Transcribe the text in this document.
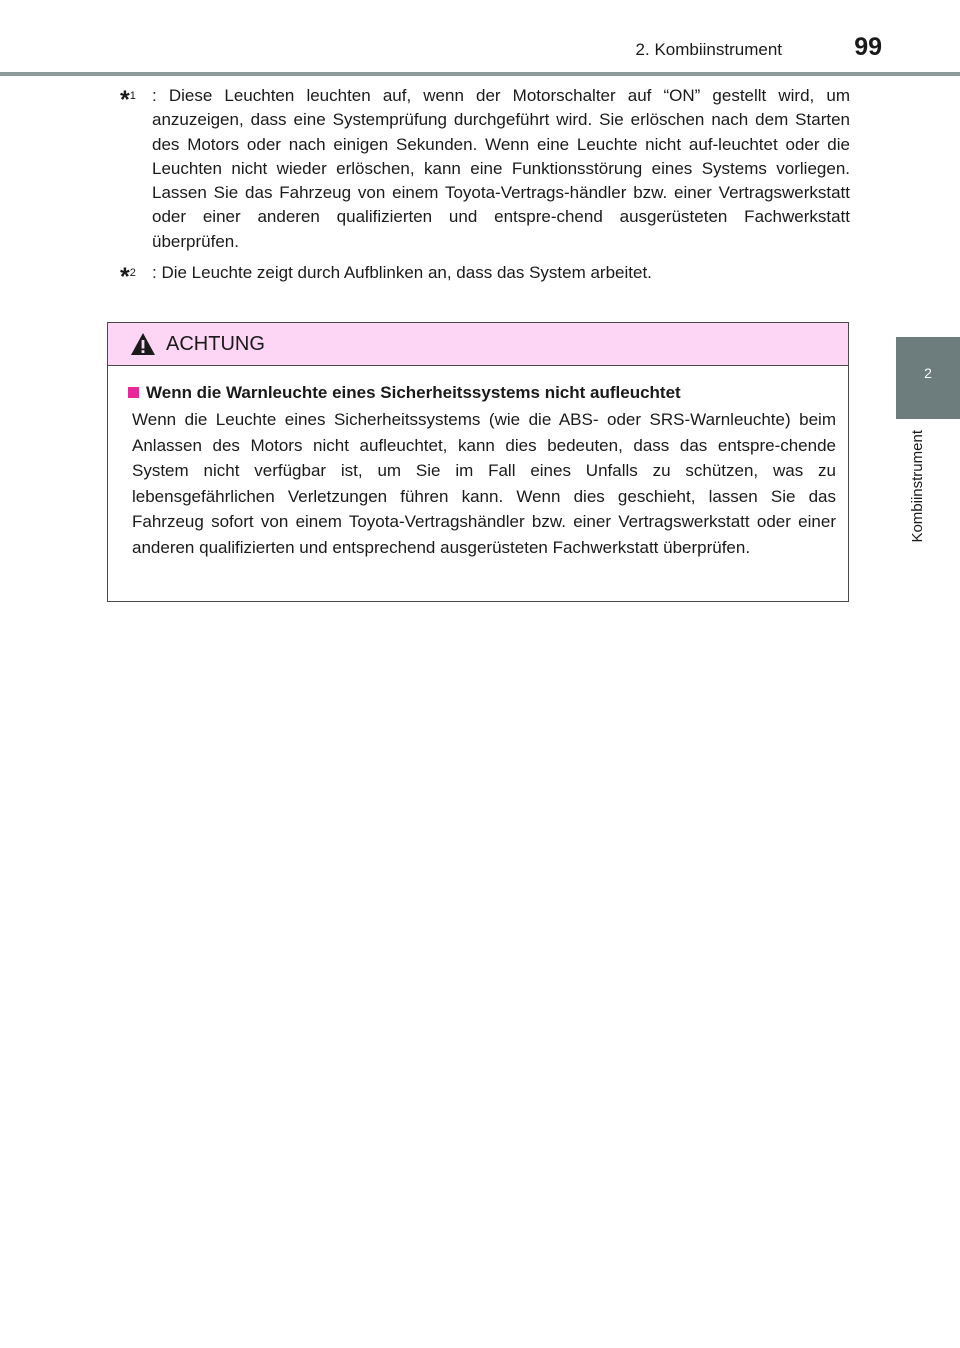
2. Kombiinstrument	99
2
Kombiinstrument
*$^1$ : Diese Leuchten leuchten auf, wenn der Motorschalter auf “ON” gestellt wird, um anzuzeigen, dass eine Systemprüfung durchgeführt wird. Sie erlöschen nach dem Starten des Motors oder nach einigen Sekunden. Wenn eine Leuchte nicht auf-leuchtet oder die Leuchten nicht wieder erlöschen, kann eine Funktionsstörung eines Systems vorliegen. Lassen Sie das Fahrzeug von einem Toyota-Vertrags-händler bzw. einer Vertragswerkstatt oder einer anderen qualifizierten und entspre-chend ausgerüsteten Fachwerkstatt überprüfen.
*$^2$ : Die Leuchte zeigt durch Aufblinken an, dass das System arbeitet.
ACHTUNG
Wenn die Warnleuchte eines Sicherheitssystems nicht aufleuchtet
Wenn die Leuchte eines Sicherheitssystems (wie die ABS- oder SRS-Warnleuchte) beim Anlassen des Motors nicht aufleuchtet, kann dies bedeuten, dass das entspre-chende System nicht verfügbar ist, um Sie im Fall eines Unfalls zu schützen, was zu lebensgefährlichen Verletzungen führen kann. Wenn dies geschieht, lassen Sie das Fahrzeug sofort von einem Toyota-Vertragshändler bzw. einer Vertragswerkstatt oder einer anderen qualifizierten und entsprechend ausgerüsteten Fachwerkstatt überprüfen.
